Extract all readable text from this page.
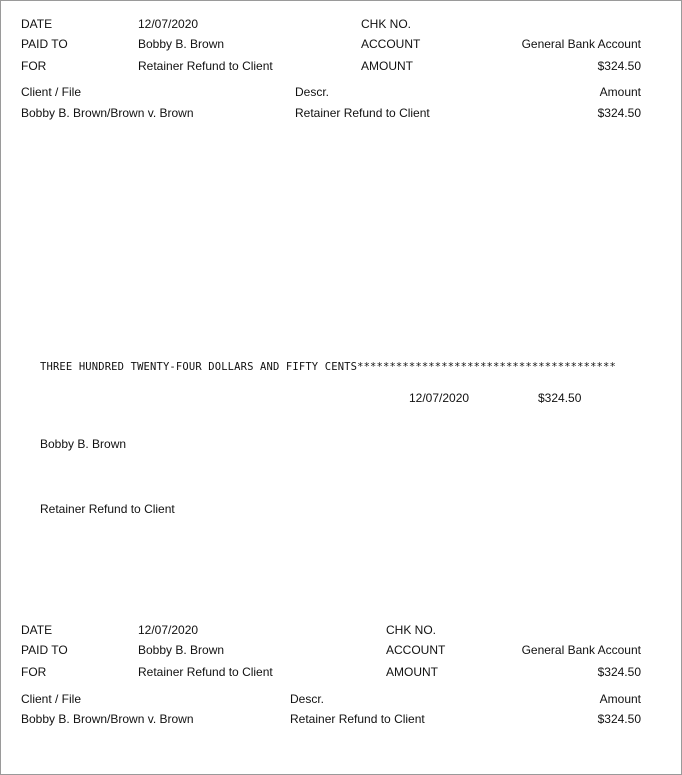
DATE	12/07/2020	CHK NO.
PAID TO	Bobby B. Brown	ACCOUNT	General Bank Account
FOR	Retainer Refund to Client	AMOUNT	$324.50
Client / File	Descr.	Amount
Bobby B. Brown/Brown v. Brown	Retainer Refund to Client	$324.50
THREE HUNDRED TWENTY-FOUR DOLLARS AND FIFTY CENTS****************************************
12/07/2020	$324.50
Bobby B. Brown
Retainer Refund to Client
DATE	12/07/2020	CHK NO.
PAID TO	Bobby B. Brown	ACCOUNT	General Bank Account
FOR	Retainer Refund to Client	AMOUNT	$324.50
Client / File	Descr.	Amount
Bobby B. Brown/Brown v. Brown	Retainer Refund to Client	$324.50
